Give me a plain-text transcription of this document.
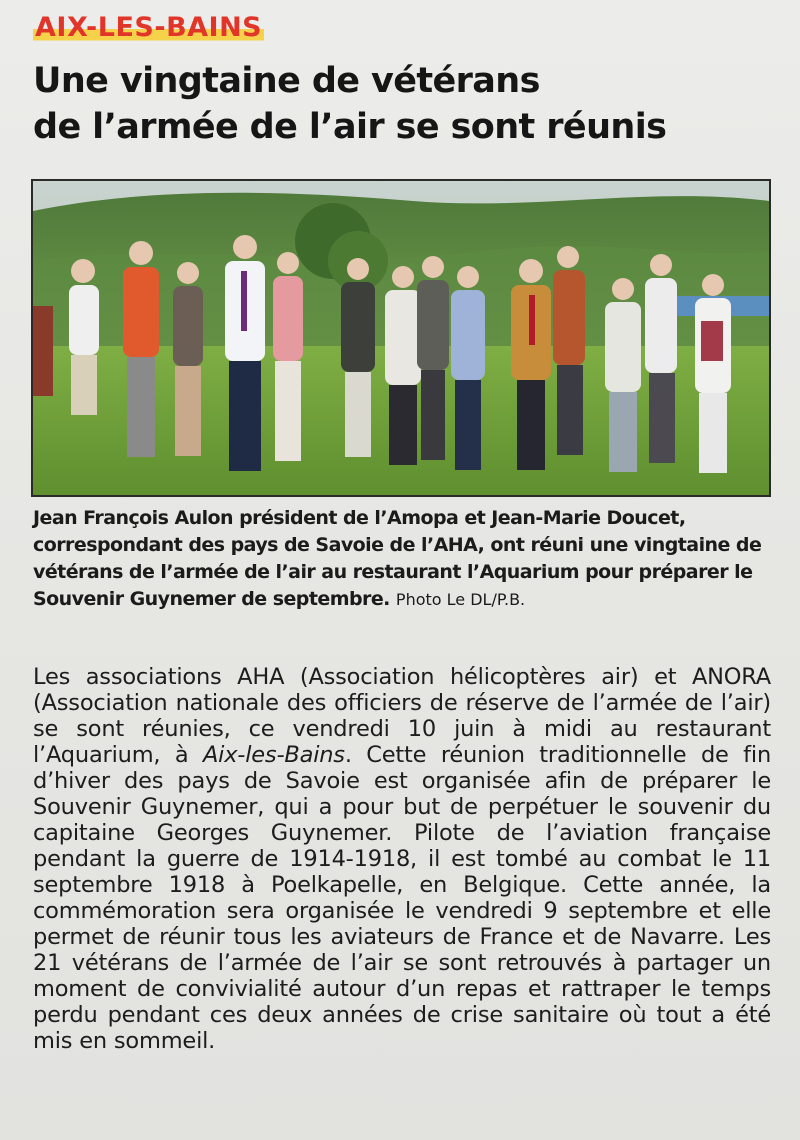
AIX-LES-BAINS
Une vingtaine de vétérans
de l’armée de l’air se sont réunis

Jean François Aulon président de l’Amopa et Jean-Marie Doucet, correspondant des pays de Savoie de l’AHA, ont réuni une vingtaine de vétérans de l’armée de l’air au restaurant l’Aquarium pour préparer le Souvenir Guynemer de septembre. Photo Le DL/P.B.

Les associations AHA (Association hélicoptères air) et ANORA (Association nationale des officiers de réserve de l’armée de l’air) se sont réunies, ce vendredi 10 juin à midi au restaurant l’Aquarium, à Aix-les-Bains. Cette réunion traditionnelle de fin d’hiver des pays de Savoie est organisée afin de préparer le Souvenir Guynemer, qui a pour but de perpétuer le souvenir du capitaine Georges Guynemer. Pilote de l’aviation française pendant la guerre de 1914-1918, il est tombé au combat le 11 septembre 1918 à Poelkapelle, en Belgique. Cette année, la commémoration sera organisée le vendredi 9 septembre et elle permet de réunir tous les aviateurs de France et de Navarre. Les 21 vétérans de l’armée de l’air se sont retrouvés à partager un moment de convivialité autour d’un repas et rattraper le temps perdu pendant ces deux années de crise sanitaire où tout a été mis en sommeil.
